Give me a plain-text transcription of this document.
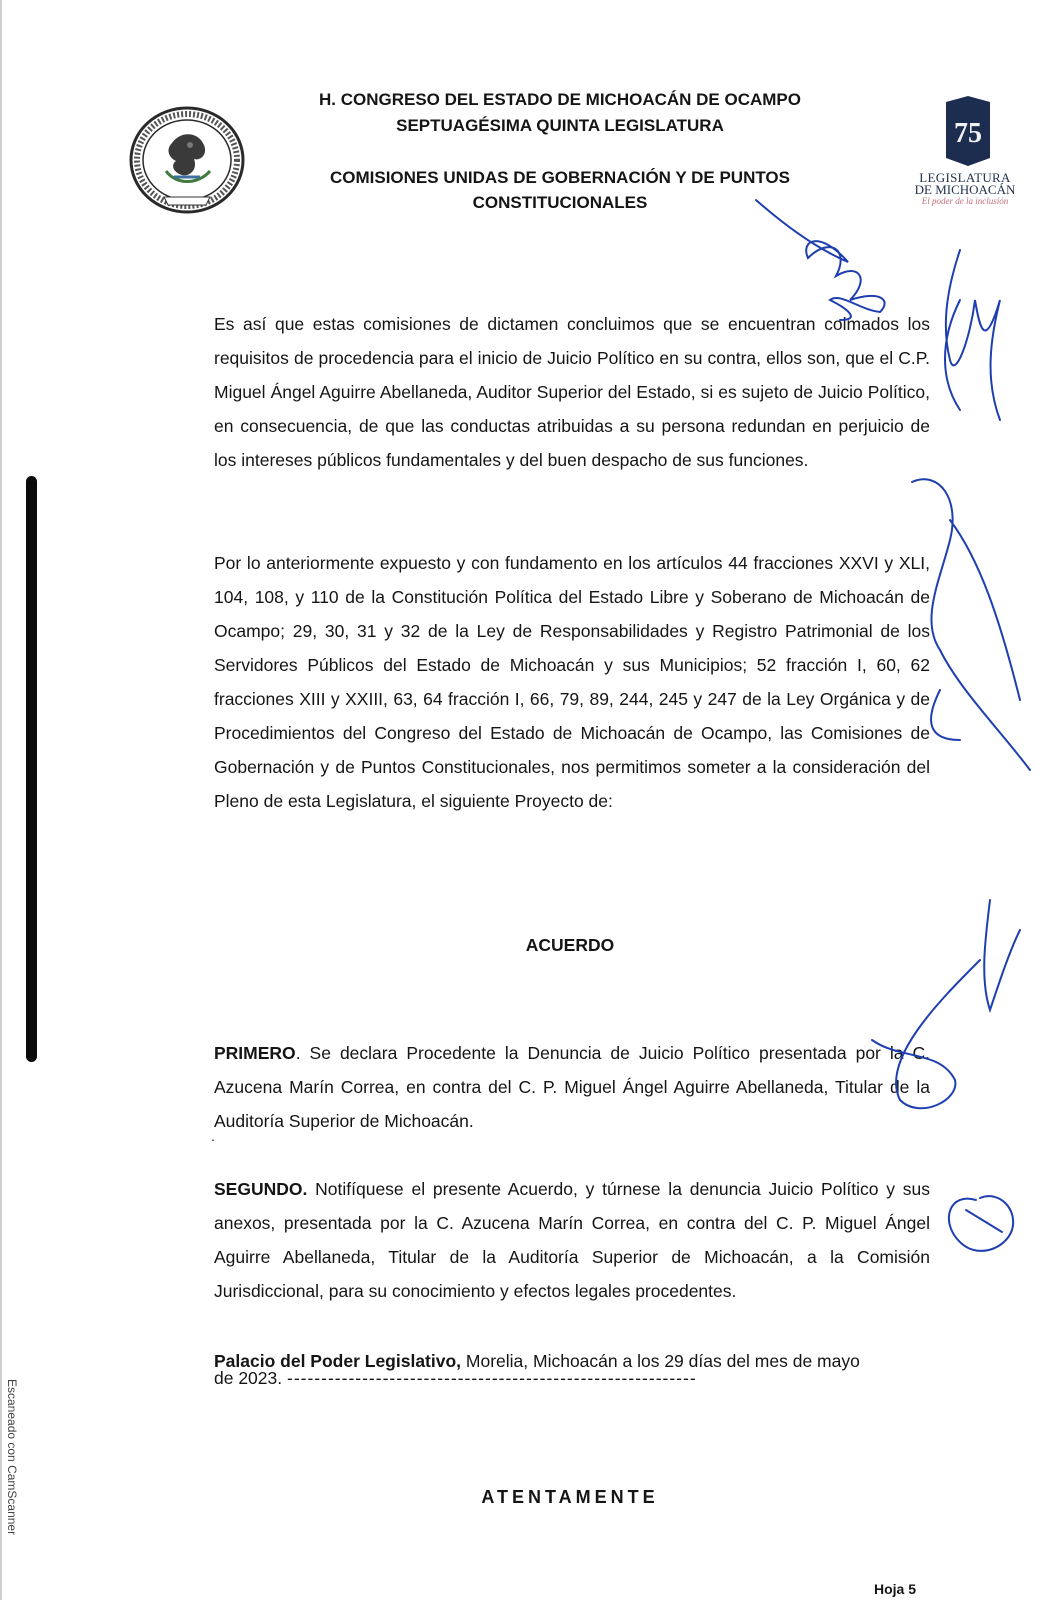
Escaneado con CamScanner
75
LEGISLATURA
DE MICHOACÁN
El poder de la inclusión
H. CONGRESO DEL ESTADO DE MICHOACÁN DE OCAMPO
SEPTUAGÉSIMA QUINTA LEGISLATURA
COMISIONES UNIDAS DE GOBERNACIÓN Y DE PUNTOS
CONSTITUCIONALES

Es así que estas comisiones de dictamen concluimos que se encuentran colmados los requisitos de procedencia para el inicio de Juicio Político en su contra, ellos son, que el C.P. Miguel Ángel Aguirre Abellaneda, Auditor Superior del Estado, si es sujeto de Juicio Político, en consecuencia, de que las conductas atribuidas a su persona redundan en perjuicio de los intereses públicos fundamentales y del buen despacho de sus funciones.

Por lo anteriormente expuesto y con fundamento en los artículos 44 fracciones XXVI y XLI, 104, 108, y 110 de la Constitución Política del Estado Libre y Soberano de Michoacán de Ocampo; 29, 30, 31 y 32 de la Ley de Responsabilidades y Registro Patrimonial de los Servidores Públicos del Estado de Michoacán y sus Municipios; 52 fracción I, 60, 62 fracciones XIII y XXIII, 63, 64 fracción I, 66, 79, 89, 244, 245 y 247 de la Ley Orgánica y de Procedimientos del Congreso del Estado de Michoacán de Ocampo, las Comisiones de Gobernación y de Puntos Constitucionales, nos permitimos someter a la consideración del Pleno de esta Legislatura, el siguiente Proyecto de:

ACUERDO

PRIMERO. Se declara Procedente la Denuncia de Juicio Político presentada por la C. Azucena Marín Correa, en contra del C. P. Miguel Ángel Aguirre Abellaneda, Titular de la Auditoría Superior de Michoacán.

.

SEGUNDO. Notifíquese el presente Acuerdo, y túrnese la denuncia Juicio Político y sus anexos, presentada por la C. Azucena Marín Correa, en contra del C. P. Miguel Ángel Aguirre Abellaneda, Titular de la Auditoría Superior de Michoacán, a la Comisión Jurisdiccional, para su conocimiento y efectos legales procedentes.

Palacio del Poder Legislativo, Morelia, Michoacán a los 29 días del mes de mayo

de 2023. ------------------------------------------------------------
ATENTAMENTE
Hoja 5
